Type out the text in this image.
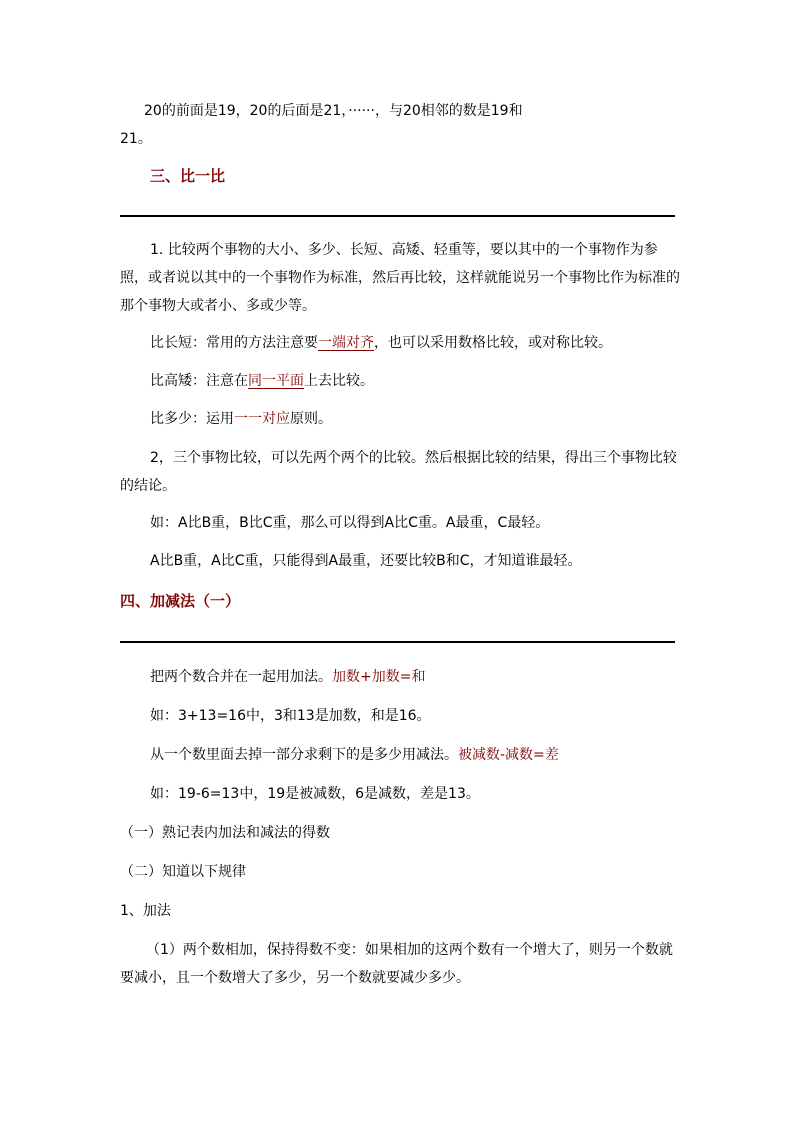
20的前面是19，20的后面是21，······，与20相邻的数是19和

21。

三、比一比

1. 比较两个事物的大小、多少、长短、高矮、轻重等，要以其中的一个事物作为参照，或者说以其中的一个事物作为标准，然后再比较，这样就能说另一个事物比作为标准的那个事物大或者小、多或少等。

比长短：常用的方法注意要一端对齐，也可以采用数格比较，或对称比较。

比高矮：注意在同一平面上去比较。

比多少：运用一一对应原则。

2，三个事物比较，可以先两个两个的比较。然后根据比较的结果，得出三个事物比较的结论。

如：A比B重，B比C重，那么可以得到A比C重。A最重，C最轻。

A比B重，A比C重，只能得到A最重，还要比较B和C，才知道谁最轻。

四、加减法（一）

把两个数合并在一起用加法。加数+加数=和

如：3+13=16中，3和13是加数，和是16。

从一个数里面去掉一部分求剩下的是多少用减法。被减数-减数=差

如：19-6=13中，19是被减数，6是减数，差是13。

（一）熟记表内加法和减法的得数

（二）知道以下规律

1、加法

（1）两个数相加，保持得数不变：如果相加的这两个数有一个增大了，则另一个数就要减小，且一个数增大了多少，另一个数就要减少多少。
